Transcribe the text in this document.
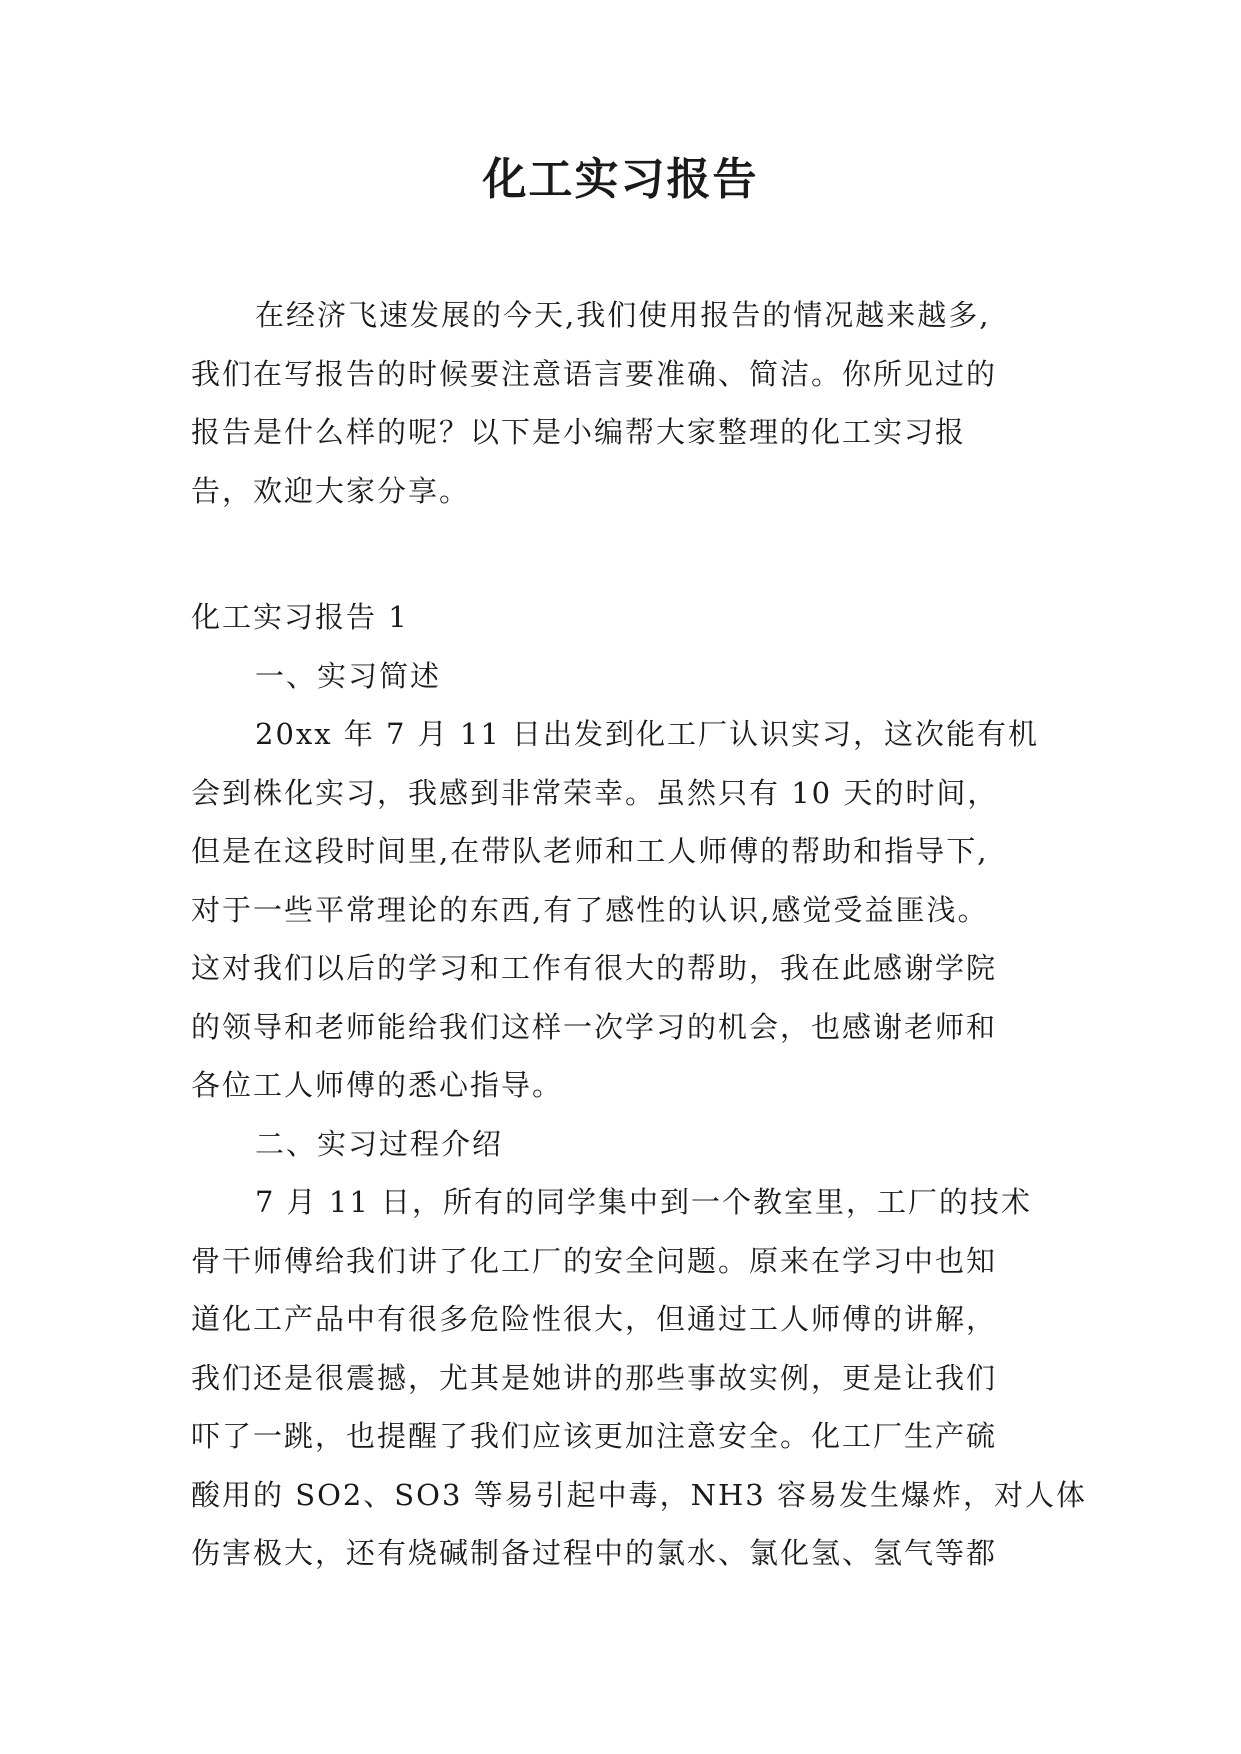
化工实习报告
在经济飞速发展的今天,我们使用报告的情况越来越多,
我们在写报告的时候要注意语言要准确、简洁。你所见过的
报告是什么样的呢？以下是小编帮大家整理的化工实习报
告，欢迎大家分享。
化工实习报告 1
一、实习简述
20xx 年 7 月 11 日出发到化工厂认识实习，这次能有机
会到株化实习，我感到非常荣幸。虽然只有 10 天的时间，
但是在这段时间里,在带队老师和工人师傅的帮助和指导下,
对于一些平常理论的东西,有了感性的认识,感觉受益匪浅。
这对我们以后的学习和工作有很大的帮助，我在此感谢学院
的领导和老师能给我们这样一次学习的机会，也感谢老师和
各位工人师傅的悉心指导。
二、实习过程介绍
7 月 11 日，所有的同学集中到一个教室里，工厂的技术
骨干师傅给我们讲了化工厂的安全问题。原来在学习中也知
道化工产品中有很多危险性很大，但通过工人师傅的讲解，
我们还是很震撼，尤其是她讲的那些事故实例，更是让我们
吓了一跳，也提醒了我们应该更加注意安全。化工厂生产硫
酸用的 SO2、SO3 等易引起中毒，NH3 容易发生爆炸，对人体
伤害极大，还有烧碱制备过程中的氯水、氯化氢、氢气等都
